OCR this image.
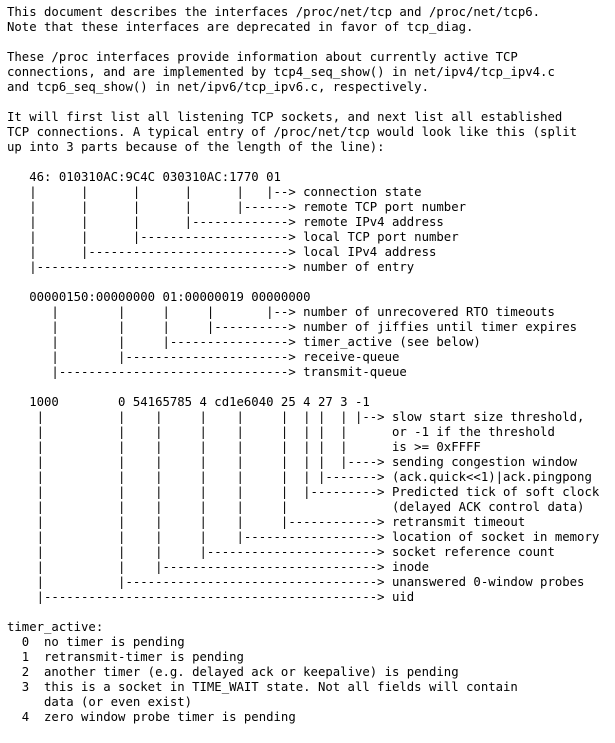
This document describes the interfaces /proc/net/tcp and /proc/net/tcp6.
Note that these interfaces are deprecated in favor of tcp_diag.
These /proc interfaces provide information about currently active TCP
connections, and are implemented by tcp4_seq_show() in net/ipv4/tcp_ipv4.c
and tcp6_seq_show() in net/ipv6/tcp_ipv6.c, respectively.
It will first list all listening TCP sockets, and next list all established
TCP connections. A typical entry of /proc/net/tcp would look like this (split
up into 3 parts because of the length of the line):
46: 010310AC:9C4C 030310AC:1770 01
|      |      |      |      |   |--> connection state
|      |      |      |      |------> remote TCP port number
|      |      |      |-------------> remote IPv4 address
|      |      |--------------------> local TCP port number
|      |---------------------------> local IPv4 address
|----------------------------------> number of entry
00000150:00000000 01:00000019 00000000
|        |     |     |       |--> number of unrecovered RTO timeouts
|        |     |     |----------> number of jiffies until timer expires
|        |     |----------------> timer_active (see below)
|        |----------------------> receive-queue
|-------------------------------> transmit-queue
1000        0 54165785 4 cd1e6040 25 4 27 3 -1
|          |    |     |    |     |  | |  | |--> slow start size threshold,
|          |    |     |    |     |  | |  |      or -1 if the threshold
|          |    |     |    |     |  | |  |      is >= 0xFFFF
|          |    |     |    |     |  | |  |----> sending congestion window
|          |    |     |    |     |  | |-------> (ack.quick<<1)|ack.pingpong
|          |    |     |    |     |  |---------> Predicted tick of soft clock
|          |    |     |    |     |              (delayed ACK control data)
|          |    |     |    |     |------------> retransmit timeout
|          |    |     |    |------------------> location of socket in memory
|          |    |     |-----------------------> socket reference count
|          |    |-----------------------------> inode
|          |----------------------------------> unanswered 0-window probes
|---------------------------------------------> uid
timer_active:
0  no timer is pending
1  retransmit-timer is pending
2  another timer (e.g. delayed ack or keepalive) is pending
3  this is a socket in TIME_WAIT state. Not all fields will contain
data (or even exist)
4  zero window probe timer is pending
